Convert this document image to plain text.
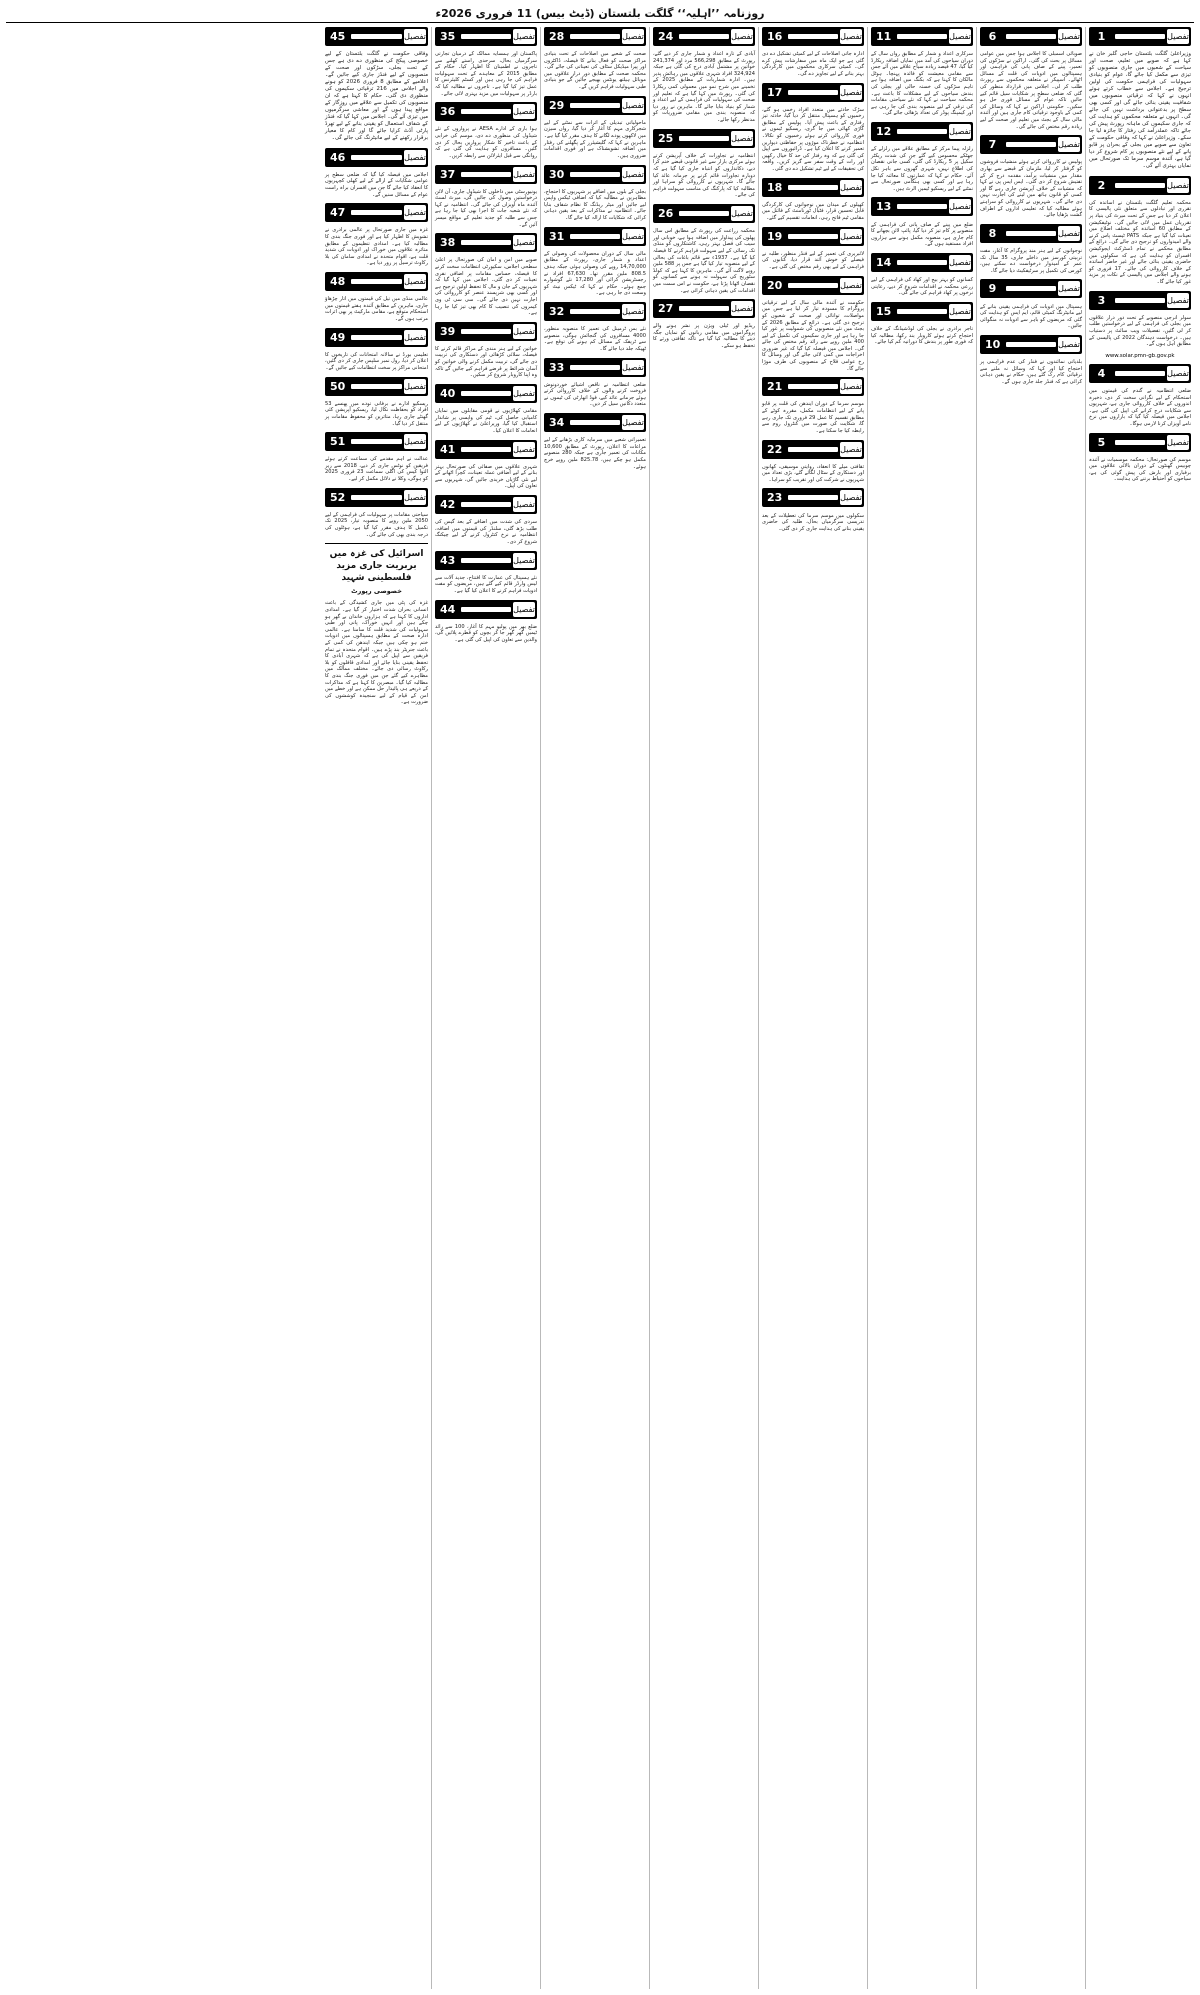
روزنامہ ’’اہلیہ‘‘ گلگت بلتستان (ڈیٹ بیس) 11 فروری 2026ء
1	تفصیل

وزیراعلیٰ گلگت بلتستان حاجی گلبر خان نے کہا ہے کہ صوبے میں تعلیم، صحت اور سیاحت کے شعبوں میں جاری منصوبوں کو تیزی سے مکمل کیا جائے گا، عوام کو بنیادی سہولیات کی فراہمی حکومت کی اولین ترجیح ہے۔ اجلاس سے خطاب کرتے ہوئے انہوں نے کہا کہ ترقیاتی منصوبوں میں شفافیت یقینی بنائی جائے گی اور کسی بھی سطح پر بدعنوانی برداشت نہیں کی جائے گی۔ انہوں نے متعلقہ محکموں کو ہدایت کی کہ جاری سکیموں کی ماہانہ رپورٹ پیش کی جائے تاکہ عملدرآمد کی رفتار کا جائزہ لیا جا سکے۔ وزیراعلیٰ نے کہا کہ وفاقی حکومت کے تعاون سے صوبے میں بجلی کے بحران پر قابو پانے کے لیے نئے منصوبوں پر کام شروع کر دیا گیا ہے، آئندہ موسم سرما تک صورتحال میں نمایاں بہتری آئے گی۔

2	تفصیل

محکمہ تعلیم گلگت بلتستان نے اساتذہ کی تقرری اور تبادلوں سے متعلق نئی پالیسی کا اعلان کر دیا ہے جس کے تحت میرٹ کی بنیاد پر تقرریاں عمل میں لائی جائیں گی۔ نوٹیفکیشن کے مطابق 60 اساتذہ کو مختلف اضلاع میں تعینات کیا گیا ہے جبکہ PATS ٹیسٹ پاس کرنے والے امیدواروں کو ترجیح دی جائے گی۔ ذرائع کے مطابق محکمے نے تمام ڈسٹرکٹ ایجوکیشن افسران کو ہدایت کی ہے کہ سکولوں میں حاضری یقینی بنائی جائے اور غیر حاضر اساتذہ کے خلاف کارروائی کی جائے۔ 17 فروری کو ہونے والے اجلاس میں پالیسی کے نکات پر مزید غور کیا جائے گا۔

3	تفصیل

سولر انرجی منصوبے کے تحت دور دراز علاقوں میں بجلی کی فراہمی کے لیے درخواستیں طلب کر لی گئیں، تفصیلات ویب سائٹ پر دستیاب ہیں۔ درخواست دہندگان 2022 کی پالیسی کے مطابق اہل ہوں گے۔

www.solar.pmn-gb.gov.pk
4	تفصیل

ضلعی انتظامیہ نے گندم کی قیمتوں میں استحکام کے لیے نگرانی سخت کر دی، ذخیرہ اندوزوں کے خلاف کارروائی جاری ہے، شہریوں سے شکایات درج کرانے کی اپیل کی گئی ہے۔ اجلاس میں فیصلہ کیا گیا کہ بازاروں میں نرخ نامے آویزاں کرنا لازمی ہوگا۔

5	تفصیل

موسم کی صورتحال: محکمہ موسمیات نے آئندہ چوبیس گھنٹوں کے دوران بالائی علاقوں میں برفباری اور بارش کی پیش گوئی کی ہے، سیاحوں کو احتیاط برتنے کی ہدایت۔

6	تفصیل

صوبائی اسمبلی کا اجلاس ہوا جس میں عوامی مسائل پر بحث کی گئی۔ اراکین نے سڑکوں کی تعمیر، پینے کے صاف پانی کی فراہمی اور ہسپتالوں میں ادویات کی قلت کے مسائل اٹھائے۔ اسپیکر نے متعلقہ محکموں سے رپورٹ طلب کر لی۔ اجلاس میں قرارداد منظور کی گئی کہ ضلعی سطح پر شکایات سیل قائم کیے جائیں تاکہ عوام کے مسائل فوری حل ہو سکیں۔ حکومتی اراکین نے کہا کہ وسائل کی کمی کے باوجود ترقیاتی کام جاری ہیں اور آئندہ مالی سال کے بجٹ میں تعلیم اور صحت کے لیے زیادہ رقم مختص کی جائے گی۔

7	تفصیل

پولیس نے کارروائی کرتے ہوئے منشیات فروشوں کو گرفتار کر لیا، ملزمان کے قبضے سے بھاری مقدار میں منشیات برآمد، مقدمہ درج کر کے تفتیش شروع کر دی گئی۔ ایس ایس پی نے کہا کہ منشیات کے خلاف آپریشن جاری رہے گا اور کسی کو قانون ہاتھ میں لینے کی اجازت نہیں دی جائے گی۔ شہریوں نے کارروائی کو سراہتے ہوئے مطالبہ کیا کہ تعلیمی اداروں کے اطراف گشت بڑھایا جائے۔

8	تفصیل

نوجوانوں کے لیے ہنر مند پروگرام کا آغاز، مفت تربیتی کورسز میں داخلے جاری، 35 سال تک عمر کے امیدوار درخواست دے سکتے ہیں، کورس کی تکمیل پر سرٹیفکیٹ دیا جائے گا۔

9	تفصیل

ہسپتال میں ادویات کی فراہمی یقینی بنانے کے لیے مانیٹرنگ کمیٹی قائم، ایم ایس کو ہدایت کی گئی کہ مریضوں کو باہر سے ادویات نہ منگوائی جائیں۔

10	تفصیل

بلدیاتی نمائندوں نے فنڈز کی عدم فراہمی پر احتجاج کیا اور کہا کہ وسائل نہ ملنے سے ترقیاتی کام رک گئے ہیں، حکام نے یقین دہانی کرائی ہے کہ فنڈز جلد جاری ہوں گے۔

11	تفصیل

سرکاری اعداد و شمار کے مطابق رواں سال کے دوران سیاحوں کی آمد میں نمایاں اضافہ ریکارڈ کیا گیا، 47 فیصد زیادہ سیاح علاقے میں آئے جس سے مقامی معیشت کو فائدہ پہنچا۔ ہوٹل مالکان کا کہنا ہے کہ بکنگ میں اضافہ ہوا ہے تاہم سڑکوں کی خستہ حالی اور بجلی کی بندش سیاحوں کے لیے مشکلات کا باعث ہے۔ محکمہ سیاحت نے کہا کہ نئے سیاحتی مقامات کی ترقی کے لیے منصوبہ بندی کی جا رہی ہے اور کیمپنگ پوڈز کی تعداد بڑھائی جائے گی۔

12	تفصیل

زلزلہ پیما مرکز کے مطابق علاقے میں زلزلے کے جھٹکے محسوس کیے گئے جن کی شدت ریکٹر سکیل پر 5 ریکارڈ کی گئی، کسی جانی نقصان کی اطلاع نہیں، شہری گھروں سے باہر نکل آئے۔ حکام نے کہا کہ عمارتوں کا معائنہ کیا جا رہا ہے اور کسی بھی ہنگامی صورتحال سے نمٹنے کے لیے ریسکیو ٹیمیں الرٹ ہیں۔

13	تفصیل

ضلع میں پینے کے صاف پانی کی فراہمی کے منصوبے پر کام تیز کر دیا گیا، پائپ لائن بچھانے کا کام جاری ہے، منصوبہ مکمل ہونے سے ہزاروں افراد مستفید ہوں گے۔

14	تفصیل

کسانوں کو بہتر بیج اور کھاد کی فراہمی کے لیے زرعی محکمہ نے اقدامات شروع کر دیے، رعایتی نرخوں پر کھاد فراہم کی جائے گی۔

15	تفصیل

تاجر برادری نے بجلی کی لوڈشیڈنگ کے خلاف احتجاج کرتے ہوئے کاروبار بند رکھا، مطالبہ کیا کہ فوری طور پر بندش کا دورانیہ کم کیا جائے۔

16	تفصیل

ادارہ جاتی اصلاحات کے لیے کمیٹی تشکیل دے دی گئی ہے جو ایک ماہ میں سفارشات پیش کرے گی۔ کمیٹی سرکاری محکموں میں کارکردگی بہتر بنانے کے لیے تجاویز دے گی۔

17	تفصیل

سڑک حادثے میں متعدد افراد زخمی ہو گئے، زخمیوں کو ہسپتال منتقل کر دیا گیا، حادثہ تیز رفتاری کے باعث پیش آیا۔ پولیس کے مطابق گاڑی کھائی میں جا گری، ریسکیو ٹیموں نے فوری کارروائی کرتے ہوئے زخمیوں کو نکالا۔ انتظامیہ نے خطرناک موڑوں پر حفاظتی دیواریں تعمیر کرنے کا اعلان کیا ہے۔ ڈرائیوروں سے اپیل کی گئی ہے کہ وہ رفتار کی حد کا خیال رکھیں اور رات کے وقت سفر سے گریز کریں۔ واقعہ کی تحقیقات کے لیے ٹیم تشکیل دے دی گئی۔

18	تفصیل

کھیلوں کے میدان میں نوجوانوں کی کارکردگی قابل تحسین قرار، فٹبال ٹورنامنٹ کے فائنل میں مقامی ٹیم فاتح رہی، انعامات تقسیم کیے گئے۔

19	تفصیل

لائبریری کی تعمیر کے لیے فنڈز منظور، طلبہ نے فیصلے کو خوش آئند قرار دیا، کتابوں کی فراہمی کے لیے بھی رقم مختص کی گئی ہے۔

20	تفصیل

حکومت نے آئندہ مالی سال کے لیے ترقیاتی پروگرام کا مسودہ تیار کر لیا ہے جس میں مواصلات، توانائی اور صحت کے شعبوں کو ترجیح دی گئی ہے۔ ذرائع کے مطابق 2026 کے بجٹ میں نئے منصوبوں کی شمولیت پر غور کیا جا رہا ہے اور جاری سکیموں کی تکمیل کے لیے 400 ملین روپے سے زائد رقم مختص کی جائے گی۔ اجلاس میں فیصلہ کیا گیا کہ غیر ضروری اخراجات میں کمی لائی جائے گی اور وسائل کا رخ عوامی فلاح کے منصوبوں کی طرف موڑا جائے گا۔

21	تفصیل

موسم سرما کے دوران ایندھن کی قلت پر قابو پانے کے لیے انتظامات مکمل، مقررہ کوٹے کے مطابق تقسیم کا عمل 29 فروری تک جاری رہے گا، شکایت کی صورت میں کنٹرول روم سے رابطہ کیا جا سکتا ہے۔

22	تفصیل

ثقافتی میلے کا انعقاد، روایتی موسیقی، کھانوں اور دستکاری کے سٹال لگائے گئے، بڑی تعداد میں شہریوں نے شرکت کی اور تقریب کو سراہا۔

23	تفصیل

سکولوں میں موسم سرما کی تعطیلات کے بعد تدریسی سرگرمیاں بحال، طلبہ کی حاضری یقینی بنانے کی ہدایت جاری کر دی گئی۔

24	تفصیل

آبادی کے تازہ اعداد و شمار جاری کر دیے گئے، رپورٹ کے مطابق 566,298 مرد اور 241,374 خواتین پر مشتمل آبادی درج کی گئی ہے جبکہ 324,924 افراد شہری علاقوں میں رہائش پذیر ہیں۔ ادارہ شماریات کے مطابق 2025 کے تخمینے میں شرح نمو میں معمولی کمی ریکارڈ کی گئی۔ رپورٹ میں کہا گیا ہے کہ تعلیم اور صحت کی سہولیات کی فراہمی کے لیے اعداد و شمار کو بنیاد بنایا جائے گا۔ ماہرین نے زور دیا کہ منصوبہ بندی میں مقامی ضروریات کو مدنظر رکھا جائے۔

25	تفصیل

انتظامیہ نے تجاوزات کے خلاف آپریشن کرتے ہوئے مرکزی بازار سے غیر قانونی قبضے ختم کرا دیے، دکانداروں کو انتباہ جاری کیا گیا ہے کہ دوبارہ تجاوزات قائم کرنے پر جرمانہ عائد کیا جائے گا۔ شہریوں نے کارروائی کو سراہا اور مطالبہ کیا کہ پارکنگ کی مناسب سہولت فراہم کی جائے۔

26	تفصیل

محکمہ زراعت کی رپورٹ کے مطابق اس سال پھلوں کی پیداوار میں اضافہ ہوا ہے، خوبانی اور سیب کی فصل بہتر رہی، کاشتکاروں کو منڈی تک رسائی کے لیے سہولت فراہم کرنے کا فیصلہ کیا گیا ہے۔ 1937ء سے قائم باغات کی بحالی کے لیے منصوبہ تیار کیا گیا ہے جس پر 588 ملین روپے لاگت آئے گی۔ ماہرین کا کہنا ہے کہ کولڈ سٹوریج کی سہولت نہ ہونے سے کسانوں کو نقصان اٹھانا پڑتا ہے، حکومت نے اس سمت میں اقدامات کی یقین دہانی کرائی ہے۔

27	تفصیل

ریڈیو اور ٹیلی ویژن پر نشر ہونے والے پروگراموں میں مقامی زبانوں کو نمایاں جگہ دینے کا مطالبہ کیا گیا ہے تاکہ ثقافتی ورثے کا تحفظ ہو سکے۔

28	تفصیل

صحت کے شعبے میں اصلاحات کے تحت بنیادی مراکز صحت کو فعال بنانے کا فیصلہ، ڈاکٹروں اور پیرا میڈیکل سٹاف کی تعیناتی کی جائے گی۔ محکمہ صحت کے مطابق دور دراز علاقوں میں موبائل ہیلتھ یونٹس بھیجے جائیں گے جو بنیادی طبی سہولیات فراہم کریں گے۔

29	تفصیل

ماحولیاتی تبدیلی کے اثرات سے نمٹنے کے لیے شجرکاری مہم کا آغاز کر دیا گیا، رواں سیزن میں لاکھوں پودے لگانے کا ہدف مقرر کیا گیا ہے۔ ماہرین نے کہا کہ گلیشیئرز کے پگھلنے کی رفتار میں اضافہ تشویشناک ہے اور فوری اقدامات ضروری ہیں۔

30	تفصیل

بجلی کے بلوں میں اضافے پر شہریوں کا احتجاج، مظاہرین نے مطالبہ کیا کہ اضافی ٹیکس واپس لیے جائیں اور میٹر ریڈنگ کا نظام شفاف بنایا جائے۔ انتظامیہ نے مذاکرات کے بعد یقین دہانی کرائی کہ شکایات کا ازالہ کیا جائے گا۔

31	تفصیل

مالی سال کے دوران محصولات کی وصولی کے اعداد و شمار جاری، رپورٹ کے مطابق 14,70,000 روپے کی وصولی ہوئی جبکہ ہدف 808.5 ملین مقرر تھا۔ 67,630 افراد نے رجسٹریشن کرائی اور 17,280 نئے گوشوارے جمع ہوئے۔ حکام نے کہا کہ ٹیکس نیٹ کو وسعت دی جا رہی ہے۔

32	تفصیل

نئے بس ٹرمینل کی تعمیر کا منصوبہ منظور، 4000 مسافروں کی گنجائش ہوگی، منصوبے سے ٹریفک کے مسائل کم ہونے کی توقع ہے۔ ٹھیکہ جلد دیا جائے گا۔

33	تفصیل

ضلعی انتظامیہ نے ناقص اشیائے خوردونوش فروخت کرنے والوں کے خلاف کارروائی کرتے ہوئے جرمانے عائد کیے، فوڈ اتھارٹی کی ٹیموں نے متعدد دکانیں سیل کر دیں۔

34	تفصیل

تعمیراتی شعبے میں سرمایہ کاری بڑھانے کے لیے مراعات کا اعلان، رپورٹ کے مطابق 10,600 مکانات کی تعمیر جاری ہے جبکہ 280 منصوبے مکمل ہو چکے ہیں، 825.78 ملین روپے خرچ ہوئے۔

35	تفصیل

پاکستان اور ہمسایہ ممالک کے درمیان تجارتی سرگرمیاں بحال، سرحدی راستے کھلنے سے تاجروں نے اطمینان کا اظہار کیا۔ حکام کے مطابق 2015 کے معاہدے کے تحت سہولیات فراہم کی جا رہی ہیں اور کسٹم کلیئرنس کا عمل تیز کیا گیا ہے۔ تاجروں نے مطالبہ کیا کہ بارڈر پر سہولیات میں مزید بہتری لائی جائے۔

36	تفصیل

ہوا بازی کے ادارے AESA نے پروازوں کے نئے شیڈول کی منظوری دے دی، موسم کی خرابی کے باعث تاخیر کا شکار پروازیں بحال کر دی گئیں۔ مسافروں کو ہدایت کی گئی ہے کہ روانگی سے قبل ایئرلائن سے رابطہ کریں۔

37	تفصیل

یونیورسٹی میں داخلوں کا شیڈول جاری، آن لائن درخواستیں وصول کی جائیں گی، میرٹ لسٹ آئندہ ماہ آویزاں کی جائے گی۔ انتظامیہ نے کہا کہ نئے شعبہ جات کا اجرا بھی کیا جا رہا ہے جس سے طلبہ کو جدید تعلیم کے مواقع میسر آئیں گے۔

38	تفصیل

صوبے میں امن و امان کی صورتحال پر اعلیٰ سطحی اجلاس، سکیورٹی انتظامات سخت کرنے کا فیصلہ، حساس مقامات پر اضافی نفری تعینات کر دی گئی۔ اجلاس میں کہا گیا کہ شہریوں کے جان و مال کا تحفظ اولین ترجیح ہے اور کسی بھی شرپسند عنصر کو کارروائی کی اجازت نہیں دی جائے گی۔ سی سی ٹی وی کیمروں کی تنصیب کا کام بھی تیز کیا جا رہا ہے۔

39	تفصیل

خواتین کے لیے ہنر مندی کے مراکز قائم کرنے کا فیصلہ، سلائی کڑھائی اور دستکاری کی تربیت دی جائے گی، تربیت مکمل کرنے والی خواتین کو آسان شرائط پر قرضے فراہم کیے جائیں گے تاکہ وہ اپنا کاروبار شروع کر سکیں۔

40	تفصیل

مقامی کھلاڑیوں نے قومی مقابلوں میں نمایاں کامیابی حاصل کی، ٹیم کی واپسی پر شاندار استقبال کیا گیا، وزیراعلیٰ نے کھلاڑیوں کے لیے انعامات کا اعلان کیا۔

41	تفصیل

شہری علاقوں میں صفائی کی صورتحال بہتر بنانے کے لیے اضافی عملہ تعینات، کچرا اٹھانے کے لیے نئی گاڑیاں خریدی جائیں گی، شہریوں سے تعاون کی اپیل۔

42	تفصیل

سردی کی شدت میں اضافے کے بعد گیس کی طلب بڑھ گئی، سلنڈر کی قیمتوں میں اضافہ، انتظامیہ نے نرخ کنٹرول کرنے کے لیے چیکنگ شروع کر دی۔

43	تفصیل

نئے ہسپتال کی عمارت کا افتتاح، جدید آلات سے لیس وارڈز قائم کیے گئے ہیں، مریضوں کو مفت ادویات فراہم کرنے کا اعلان کیا گیا ہے۔

44	تفصیل

ضلع بھر میں پولیو مہم کا آغاز، 100 سے زائد ٹیمیں گھر گھر جا کر بچوں کو قطرے پلائیں گی، والدین سے تعاون کی اپیل کی گئی ہے۔

45	تفصیل

وفاقی حکومت نے گلگت بلتستان کے لیے خصوصی پیکج کی منظوری دے دی ہے جس کے تحت بجلی، سڑکوں اور صحت کے منصوبوں کے لیے فنڈز جاری کیے جائیں گے۔ اعلامیے کے مطابق 8 فروری 2026 کو ہونے والے اجلاس میں 216 ترقیاتی سکیموں کی منظوری دی گئی۔ حکام کا کہنا ہے کہ ان منصوبوں کی تکمیل سے علاقے میں روزگار کے مواقع پیدا ہوں گے اور معاشی سرگرمیوں میں تیزی آئے گی۔ اجلاس میں کہا گیا کہ فنڈز کے شفاف استعمال کو یقینی بنانے کے لیے تھرڈ پارٹی آڈٹ کرایا جائے گا اور کام کا معیار برقرار رکھنے کے لیے مانیٹرنگ کی جائے گی۔

46	تفصیل

اجلاس میں فیصلہ کیا گیا کہ ضلعی سطح پر عوامی شکایات کے ازالے کے لیے کھلی کچہریوں کا انعقاد کیا جائے گا جن میں افسران براہ راست عوام کے مسائل سنیں گے۔

47	تفصیل

غزہ میں جاری صورتحال پر عالمی برادری نے تشویش کا اظہار کیا ہے اور فوری جنگ بندی کا مطالبہ کیا ہے۔ امدادی تنظیموں کے مطابق متاثرہ علاقوں میں خوراک اور ادویات کی شدید قلت ہے، اقوام متحدہ نے امدادی سامان کی بلا رکاوٹ ترسیل پر زور دیا ہے۔

48	تفصیل

عالمی منڈی میں تیل کی قیمتوں میں اتار چڑھاؤ جاری، ماہرین کے مطابق آئندہ ہفتے قیمتوں میں استحکام متوقع ہے، مقامی مارکیٹ پر بھی اثرات مرتب ہوں گے۔

49	تفصیل

تعلیمی بورڈ نے سالانہ امتحانات کی تاریخوں کا اعلان کر دیا، رول نمبر سلپس جاری کر دی گئیں، امتحانی مراکز پر سخت انتظامات کیے جائیں گے۔

50	تفصیل

ریسکیو ادارے نے برفانی تودے میں پھنسے 53 افراد کو بحفاظت نکال لیا، ریسکیو آپریشن کئی گھنٹے جاری رہا، متاثرین کو محفوظ مقامات پر منتقل کر دیا گیا۔

51	تفصیل

عدالت نے اہم مقدمے کی سماعت کرتے ہوئے فریقین کو نوٹس جاری کر دیے، 2018 سے زیر التوا کیس کی اگلی سماعت 23 فروری 2025 کو ہوگی، وکلا نے دلائل مکمل کر لیے۔

52	تفصیل

سیاحتی مقامات پر سہولیات کی فراہمی کے لیے 2050 ملین روپے کا منصوبہ تیار، 2025 تک تکمیل کا ہدف مقرر کیا گیا ہے، ہوٹلوں کی درجہ بندی بھی کی جائے گی۔

اسرائیل کی غزہ میں بربریت جاری مزید فلسطینی شہید
خصوصی رپورٹ

غزہ کی پٹی میں جاری کشیدگی کے باعث انسانی بحران شدت اختیار کر گیا ہے۔ امدادی اداروں کا کہنا ہے کہ ہزاروں خاندان بے گھر ہو چکے ہیں اور انہیں خوراک، پانی اور طبی سہولیات کی شدید قلت کا سامنا ہے۔ عالمی ادارہ صحت کے مطابق ہسپتالوں میں ادویات ختم ہو چکی ہیں جبکہ ایندھن کی کمی کے باعث جنریٹر بند پڑے ہیں۔ اقوام متحدہ نے تمام فریقین سے اپیل کی ہے کہ شہری آبادی کا تحفظ یقینی بنایا جائے اور امدادی قافلوں کو بلا رکاوٹ رسائی دی جائے۔ مختلف ممالک میں مظاہرے کیے گئے جن میں فوری جنگ بندی کا مطالبہ کیا گیا۔ مبصرین کا کہنا ہے کہ مذاکرات کے ذریعے ہی پائیدار حل ممکن ہے اور خطے میں امن کے قیام کے لیے سنجیدہ کوششوں کی ضرورت ہے۔
